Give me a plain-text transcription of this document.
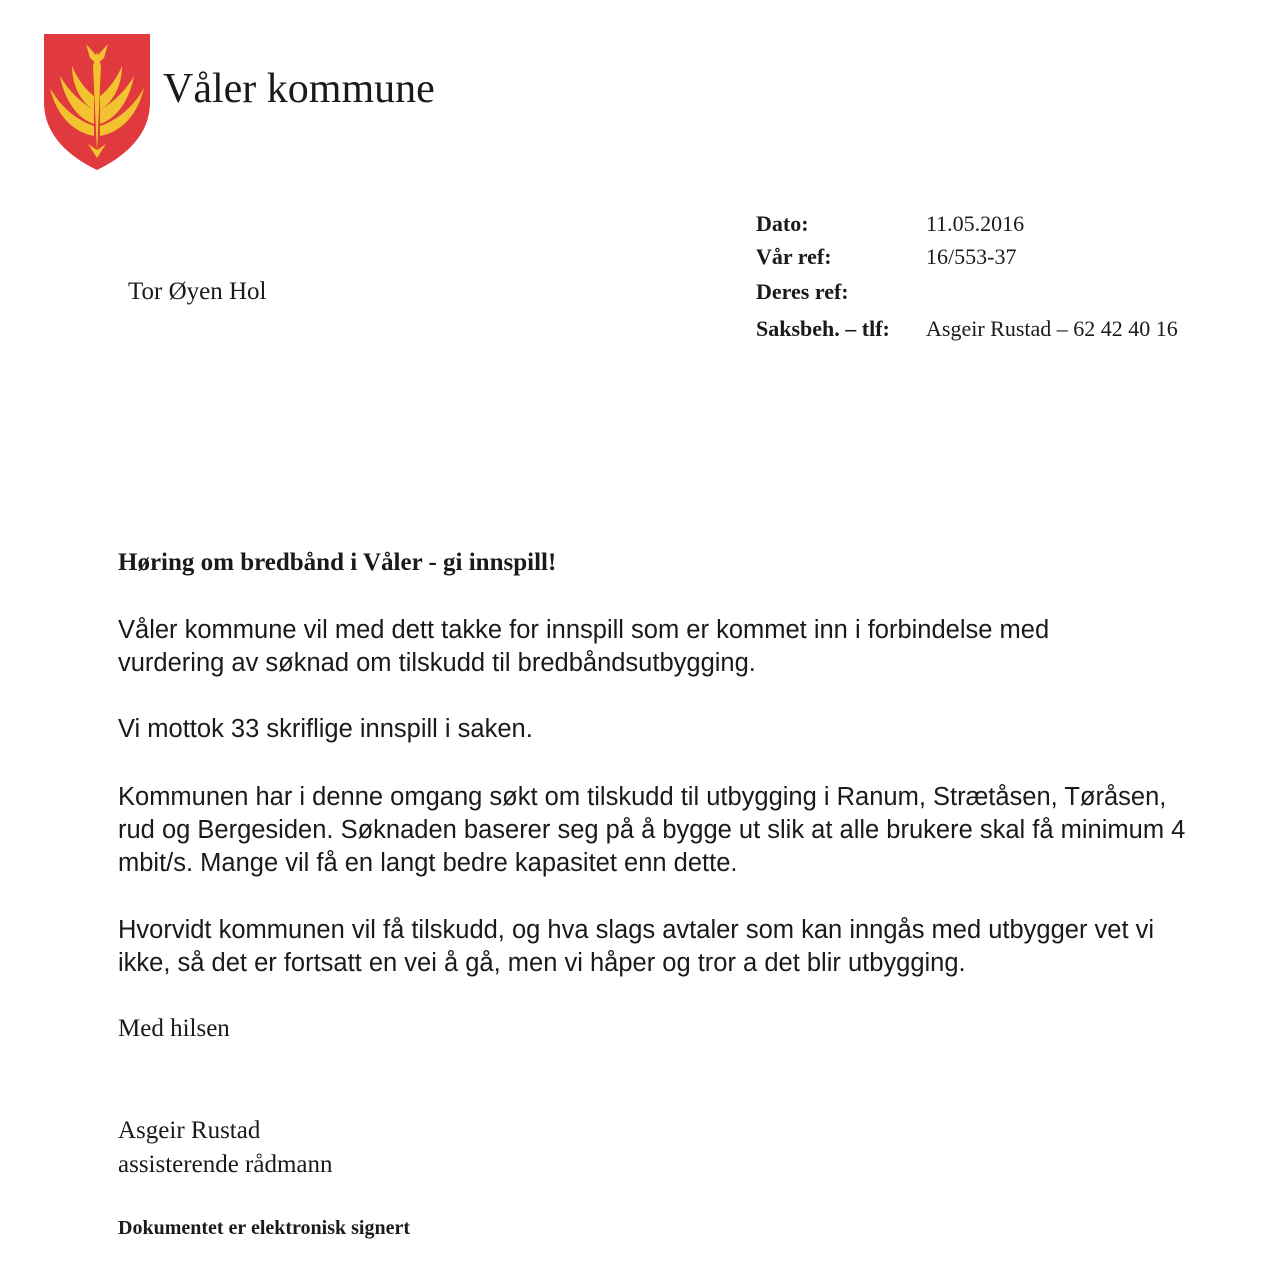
Våler kommune
Dato:	11.05.2016
Vår ref:	16/553-37
Deres ref:
Saksbeh. – tlf: Asgeir Rustad – 62 42 40 16
Tor Øyen Hol
Høring om bredbånd i Våler - gi innspill!
Våler kommune vil med dett takke for innspill som er kommet inn i forbindelse med
vurdering av søknad om tilskudd til bredbåndsutbygging.
Vi mottok 33 skriflige innspill i saken.
Kommunen har i denne omgang søkt om tilskudd til utbygging i Ranum, Strætåsen, Tøråsen,
rud og Bergesiden. Søknaden baserer seg på å bygge ut slik at alle brukere skal få minimum 4
mbit/s. Mange vil få en langt bedre kapasitet enn dette.
Hvorvidt kommunen vil få tilskudd, og hva slags avtaler som kan inngås med utbygger vet vi
ikke, så det er fortsatt en vei å gå, men vi håper og tror a det blir utbygging.
Med hilsen
Asgeir Rustad
assisterende rådmann
Dokumentet er elektronisk signert
